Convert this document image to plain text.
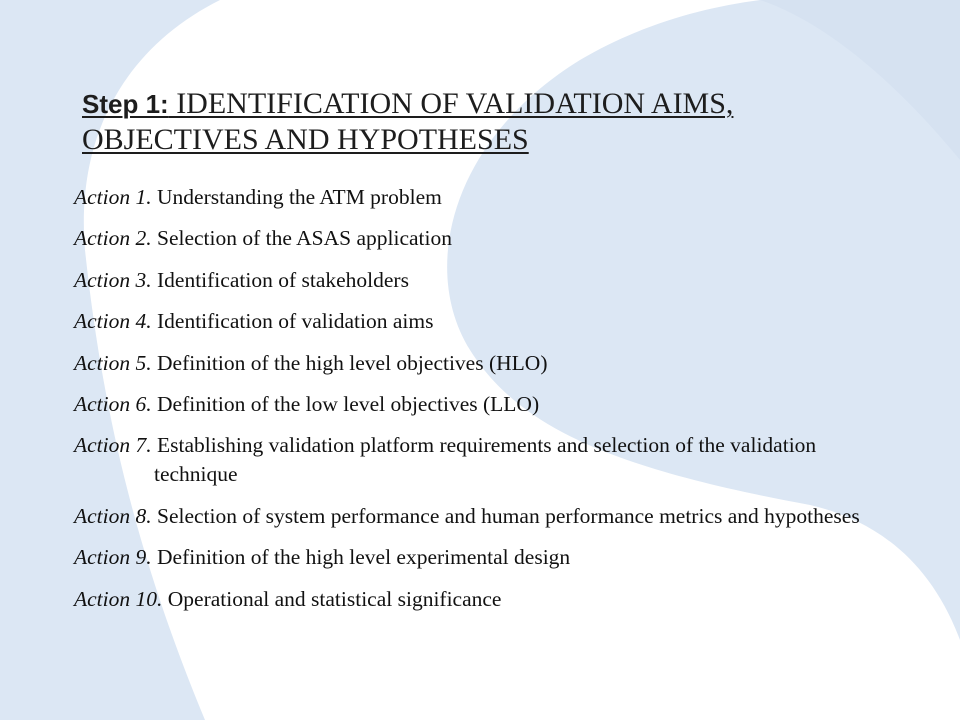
Step 1: IDENTIFICATION OF VALIDATION AIMS, OBJECTIVES AND HYPOTHESES
Action 1. Understanding the ATM problem
Action 2. Selection of the ASAS application
Action 3. Identification of stakeholders
Action 4. Identification of validation aims
Action 5. Definition of the high level objectives (HLO)
Action 6. Definition of the low level objectives (LLO)
Action 7. Establishing validation platform requirements and selection of the validation technique
Action 8. Selection of system performance and human performance metrics and hypotheses
Action 9. Definition of the high level experimental design
Action 10. Operational and statistical significance
